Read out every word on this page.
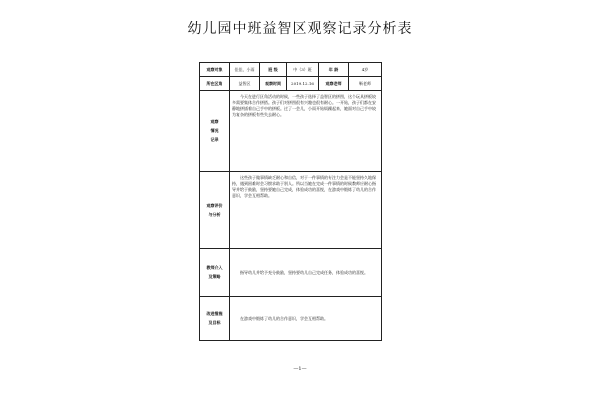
幼儿园中班益智区观察记录分析表
观察对象	佳佳、小雨	班 级	中（3）班	年 龄	4岁
所在区角	益智区	观察时间	2019.12.16	观察老师	靳老师

观察
情况
记录	今天在进行区角活动的时候，一些孩子选择了益智区的拼图，这个玩具拼板较多需要集体合作拼搭。孩子们对拼图很有兴趣也很有耐心。一开始，孩子们都在安静地拼插着自己手中的拼板。过了一会儿，小雨开始烦躁起来，她面对自己手中较为复杂的拼板有些失去耐心。				

观察评价
与分析	这些孩子做事情缺乏耐心和自信，对于一件事情的专注力会是不能坚持久地保持，遇到困难时会习惯求助于别人。所以当她在完成一件事情的时候教师应耐心指导并给于鼓励，坚持要她自己完成，体验成功的喜悦，在游戏中锻炼了幼儿的合作意识，学会互相帮助。				

教师介入
及策略	指导幼儿并给予充分鼓励，坚持要幼儿自己完成任务，体验成功的喜悦。				

改进措施
及目标	在游戏中锻炼了幼儿的合作意识，学会互相帮助。				
—1—
